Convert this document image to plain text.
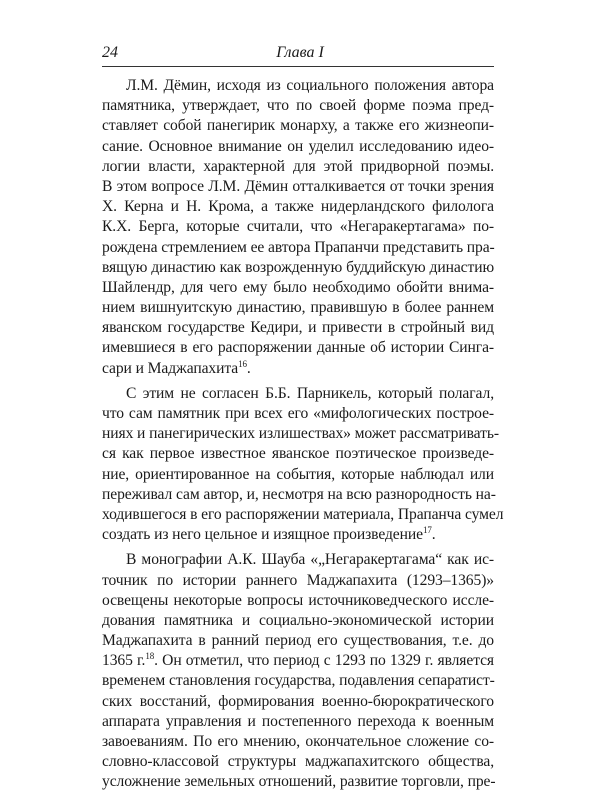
24	Глава I
Л.М. Дёмин, исходя из социального положения автора
памятника, утверждает, что по своей форме поэма пред-
ставляет собой панегирик монарху, а также его жизнеопи-
сание. Основное внимание он уделил исследованию идео-
логии власти, характерной для этой придворной поэмы.
В этом вопросе Л.М. Дёмин отталкивается от точки зрения
Х. Керна и Н. Крома, а также нидерландского филолога
К.Х. Берга, которые считали, что «Негаракертагама» по-
рождена стремлением ее автора Прапанчи представить пра-
вящую династию как возрожденную буддийскую династию
Шайлендр, для чего ему было необходимо обойти внима-
нием вишнуитскую династию, правившую в более раннем
яванском государстве Кедири, и привести в стройный вид
имевшиеся в его распоряжении данные об истории Синга-
сари и Маджапахита$^{16}$.
С этим не согласен Б.Б. Парникель, который полагал,
что сам памятник при всех его «мифологических построе-
ниях и панегирических излишествах» может рассматривать-
ся как первое известное яванское поэтическое произведе-
ние, ориентированное на события, которые наблюдал или
переживал сам автор, и, несмотря на всю разнородность на-
ходившегося в его распоряжении материала, Прапанча сумел
создать из него цельное и изящное произведение$^{17}$.
В монографии А.К. Шауба «„Негаракертагама“ как ис-
точник по истории раннего Маджапахита (1293–1365)»
освещены некоторые вопросы источниковедческого иссле-
дования памятника и социально-экономической истории
Маджапахита в ранний период его существования, т.е. до
1365 г.$^{18}$. Он отметил, что период с 1293 по 1329 г. является
временем становления государства, подавления сепаратист-
ских восстаний, формирования военно-бюрократического
аппарата управления и постепенного перехода к военным
завоеваниям. По его мнению, окончательное сложение со-
словно-классовой структуры маджапахитского общества,
усложнение земельных отношений, развитие торговли, пре-
